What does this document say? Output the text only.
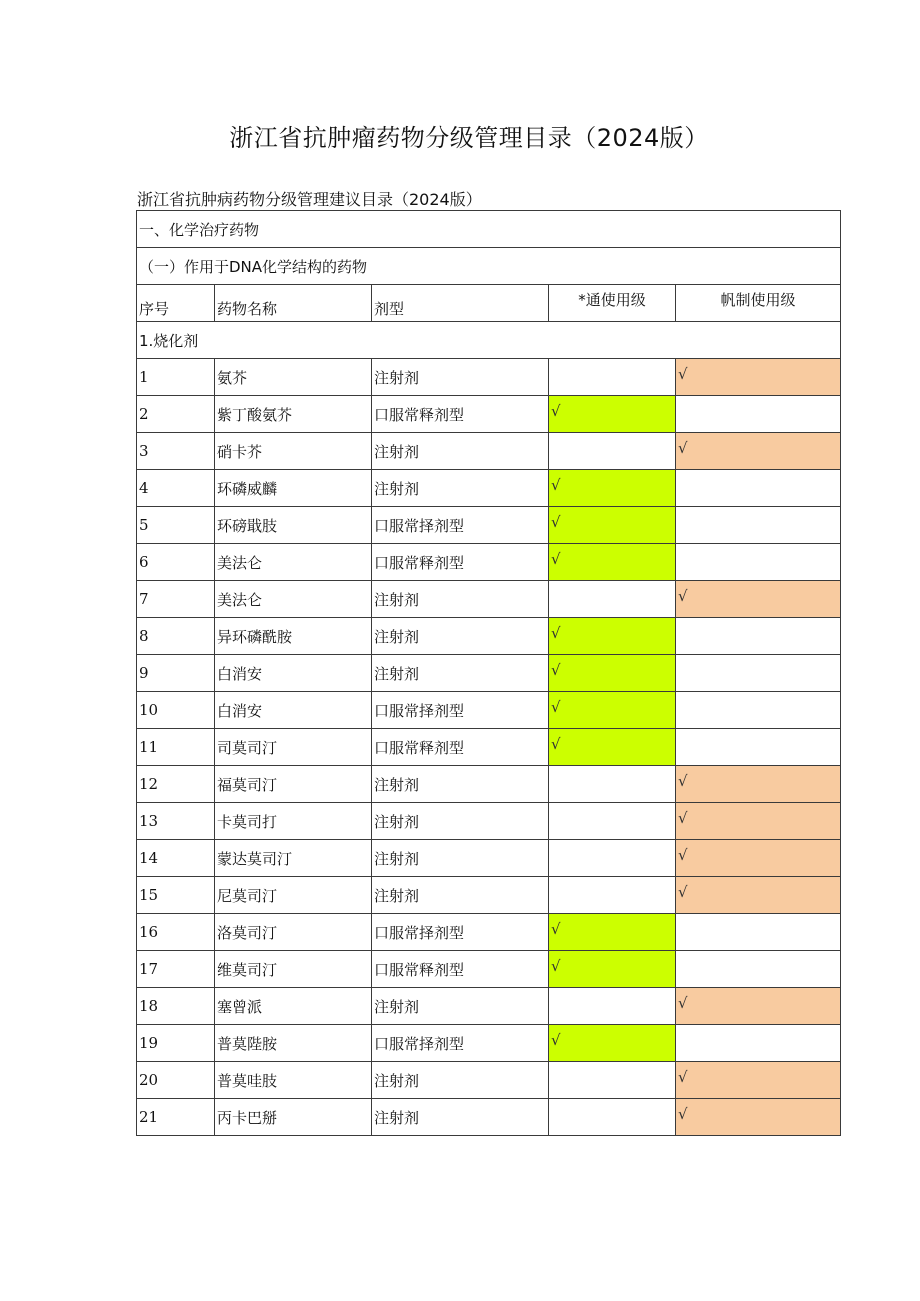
浙江省抗肿瘤药物分级管理目录（2024版）
浙江省抗肿病药物分级管理建议目录（2024版）
一、化学治疗药物				
（一）作用于DNA化学结构的药物				
序号	药物名称	剂型	*通使用级	帆制使用级
1.烧化剂				
1	氨芥	注射剂		√
2	紫丁酸氨芥	口服常释剂型	√	
3	硝卡芥	注射剂		√
4	环磷威麟	注射剂	√	
5	环磅戢肢	口服常择剂型	√	
6	美法仑	口服常释剂型	√	
7	美法仑	注射剂		√
8	异环磷酰胺	注射剂	√	
9	白消安	注射剂	√	
10	白消安	口服常择剂型	√	
11	司莫司汀	口服常释剂型	√	
12	福莫司汀	注射剂		√
13	卡莫司打	注射剂		√
14	蒙达莫司汀	注射剂		√
15	尼莫司汀	注射剂		√
16	洛莫司汀	口服常择剂型	√	
17	维莫司汀	口服常释剂型	√	
18	塞曾派	注射剂		√
19	普莫陛胺	口服常择剂型	√	
20	普莫哇肢	注射剂		√
21	丙卡巴掰	注射剂		√
